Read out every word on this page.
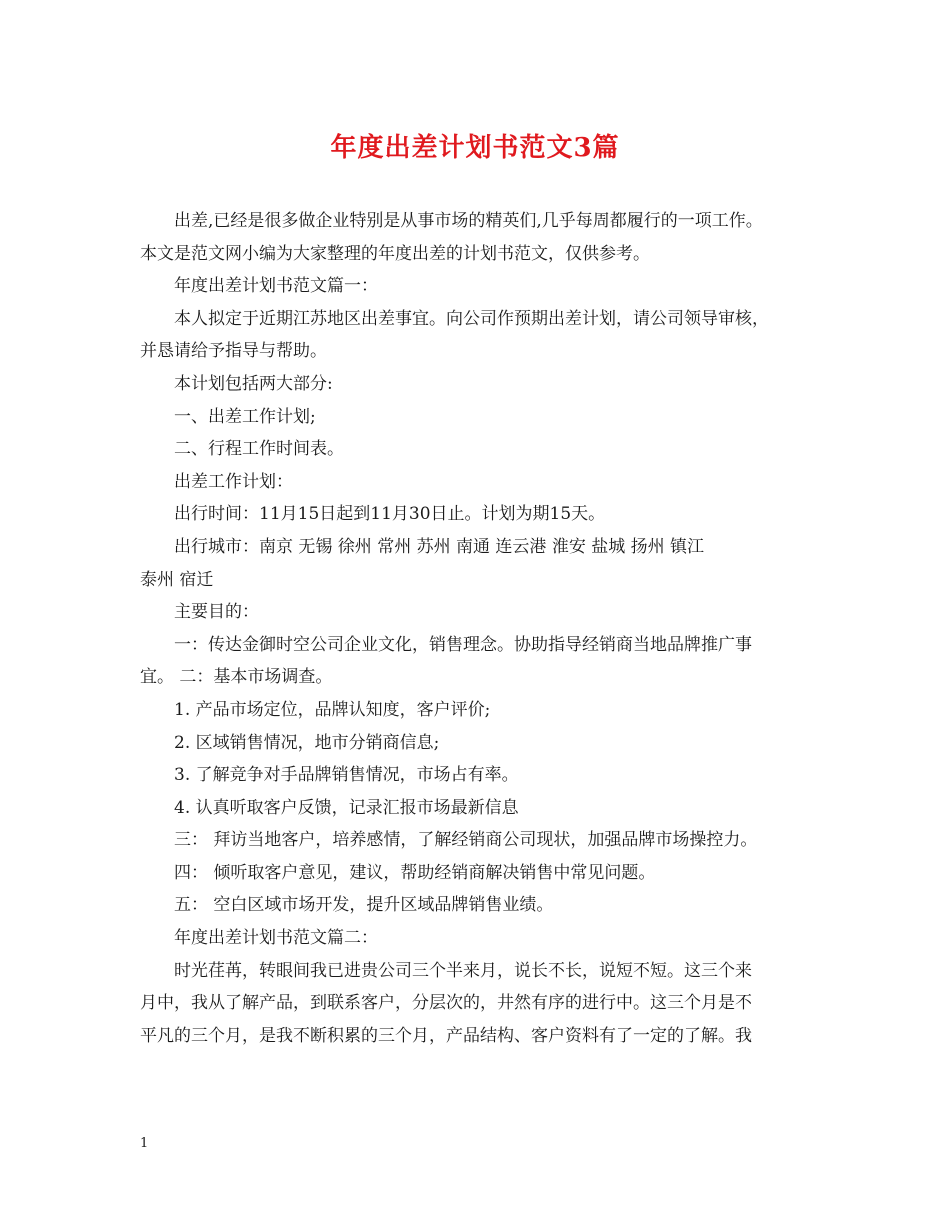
年度出差计划书范文3篇
出差,已经是很多做企业特别是从事市场的精英们,几乎每周都履行的一项工作。
本文是范文网小编为大家整理的年度出差的计划书范文，仅供参考。
年度出差计划书范文篇一：
本人拟定于近期江苏地区出差事宜。向公司作预期出差计划，请公司领导审核，
并恳请给予指导与帮助。
本计划包括两大部分:
一、出差工作计划;
二、行程工作时间表。
出差工作计划：
出行时间：11月15日起到11月30日止。计划为期15天。
出行城市：南京 无锡 徐州 常州 苏州 南通 连云港 淮安 盐城 扬州 镇江
泰州 宿迁
主要目的：
一：传达金御时空公司企业文化，销售理念。协助指导经销商当地品牌推广事
宜。 二：基本市场调查。
1. 产品市场定位，品牌认知度，客户评价;
2. 区域销售情况，地市分销商信息;
3. 了解竞争对手品牌销售情况，市场占有率。
4. 认真听取客户反馈，记录汇报市场最新信息
三： 拜访当地客户，培养感情，了解经销商公司现状，加强品牌市场操控力。
四： 倾听取客户意见，建议，帮助经销商解决销售中常见问题。
五： 空白区域市场开发，提升区域品牌销售业绩。
年度出差计划书范文篇二：
时光荏苒，转眼间我已进贵公司三个半来月，说长不长，说短不短。这三个来
月中，我从了解产品，到联系客户，分层次的，井然有序的进行中。这三个月是不
平凡的三个月，是我不断积累的三个月，产品结构、客户资料有了一定的了解。我
1
